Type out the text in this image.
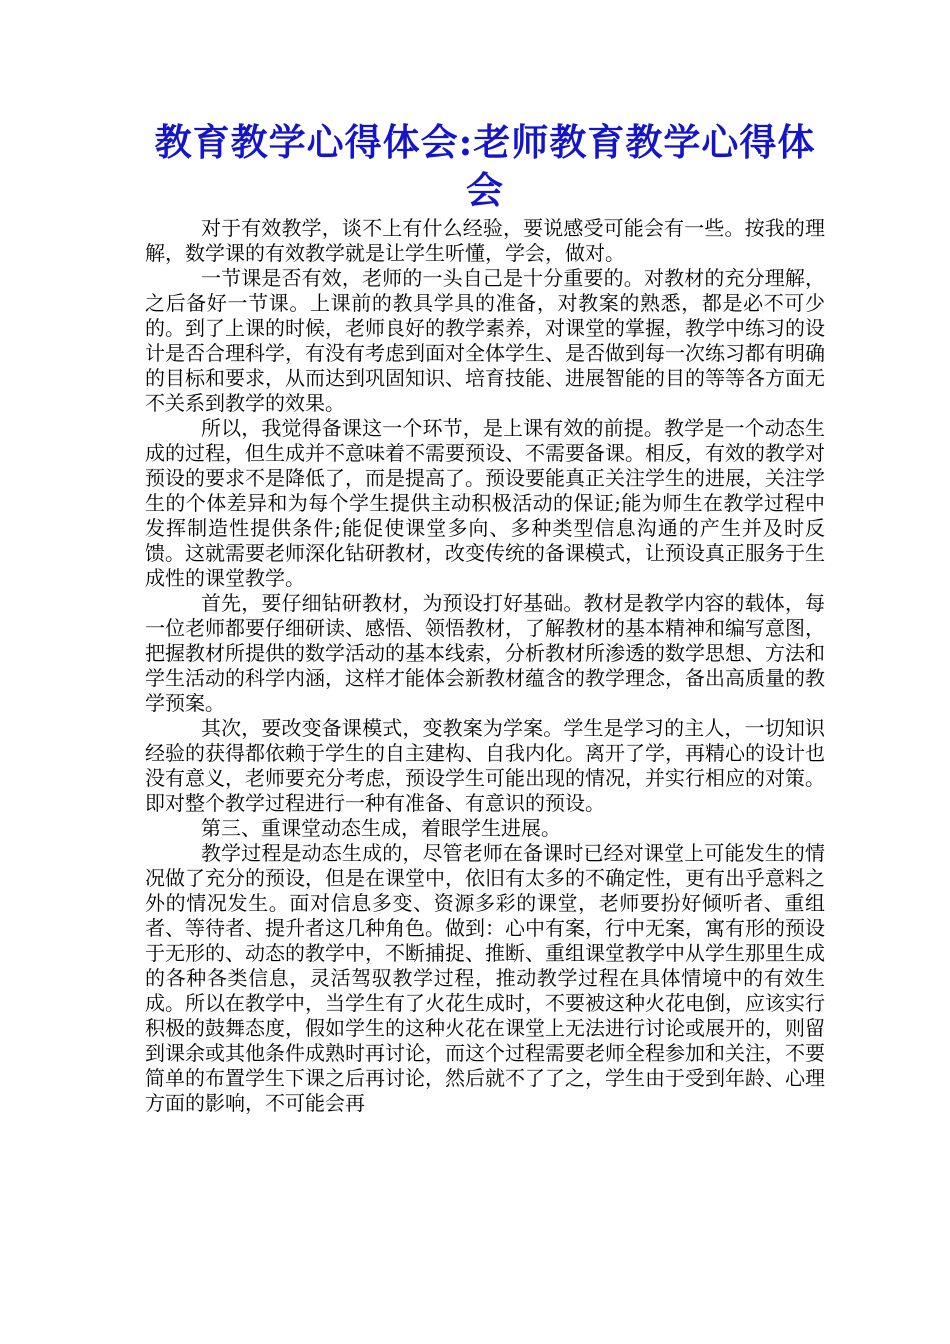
教育教学心得体会:老师教育教学心得体会

对于有效教学，谈不上有什么经验，要说感受可能会有一些。按我的理解，数学课的有效教学就是让学生听懂，学会，做对。

一节课是否有效，老师的一头自己是十分重要的。对教材的充分理解，之后备好一节课。上课前的教具学具的准备，对教案的熟悉，都是必不可少的。到了上课的时候，老师良好的教学素养，对课堂的掌握，教学中练习的设计是否合理科学，有没有考虑到面对全体学生、是否做到每一次练习都有明确的目标和要求，从而达到巩固知识、培育技能、进展智能的目的等等各方面无不关系到教学的效果。

所以，我觉得备课这一个环节，是上课有效的前提。教学是一个动态生成的过程，但生成并不意味着不需要预设、不需要备课。相反，有效的教学对预设的要求不是降低了，而是提高了。预设要能真正关注学生的进展，关注学生的个体差异和为每个学生提供主动积极活动的保证;能为师生在教学过程中发挥制造性提供条件;能促使课堂多向、多种类型信息沟通的产生并及时反馈。这就需要老师深化钻研教材，改变传统的备课模式，让预设真正服务于生成性的课堂教学。

首先，要仔细钻研教材，为预设打好基础。教材是教学内容的载体，每一位老师都要仔细研读、感悟、领悟教材，了解教材的基本精神和编写意图，把握教材所提供的数学活动的基本线索，分析教材所渗透的数学思想、方法和学生活动的科学内涵，这样才能体会新教材蕴含的教学理念，备出高质量的教学预案。

其次，要改变备课模式，变教案为学案。学生是学习的主人，一切知识经验的获得都依赖于学生的自主建构、自我内化。离开了学，再精心的设计也没有意义，老师要充分考虑，预设学生可能出现的情况，并实行相应的对策。即对整个教学过程进行一种有准备、有意识的预设。

第三、重课堂动态生成，着眼学生进展。

教学过程是动态生成的，尽管老师在备课时已经对课堂上可能发生的情况做了充分的预设，但是在课堂中，依旧有太多的不确定性，更有出乎意料之外的情况发生。面对信息多变、资源多彩的课堂，老师要扮好倾听者、重组者、等待者、提升者这几种角色。做到：心中有案，行中无案，寓有形的预设于无形的、动态的教学中，不断捕捉、推断、重组课堂教学中从学生那里生成的各种各类信息，灵活驾驭教学过程，推动教学过程在具体情境中的有效生成。所以在教学中，当学生有了火花生成时，不要被这种火花电倒，应该实行积极的鼓舞态度，假如学生的这种火花在课堂上无法进行讨论或展开的，则留到课余或其他条件成熟时再讨论，而这个过程需要老师全程参加和关注，不要简单的布置学生下课之后再讨论，然后就不了了之，学生由于受到年龄、心理方面的影响，不可能会再
